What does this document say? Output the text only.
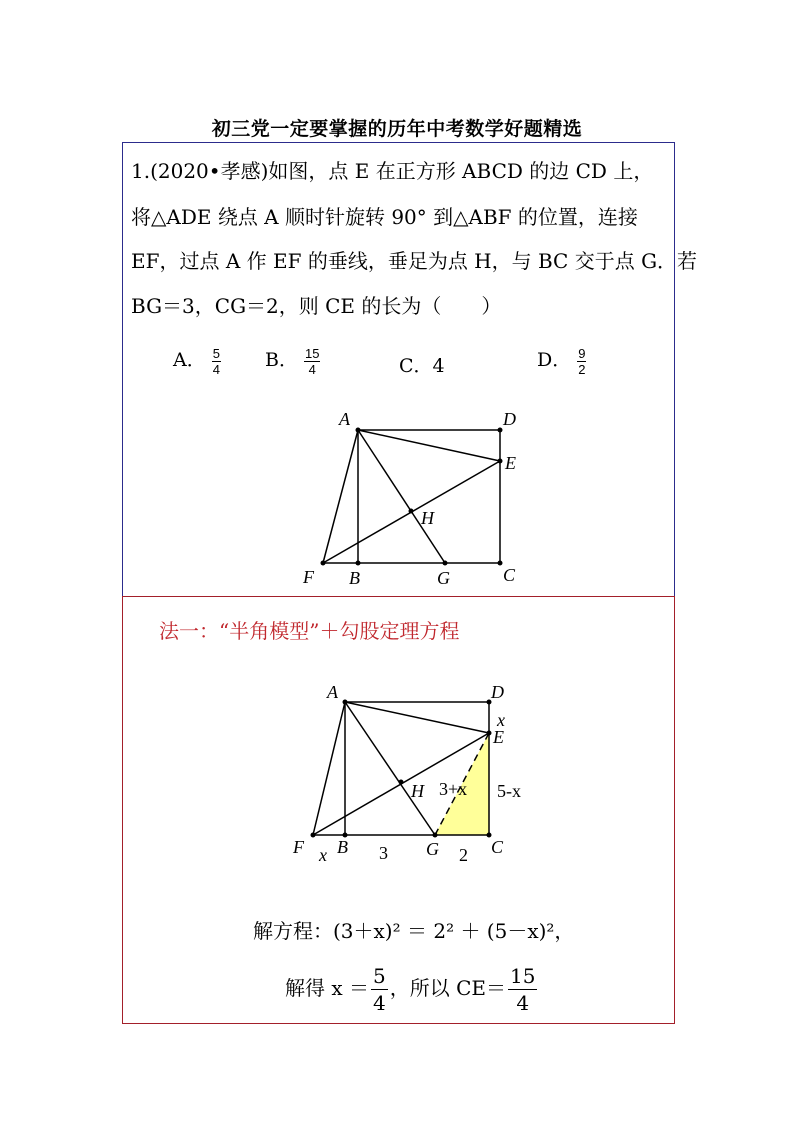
初三党一定要掌握的历年中考数学好题精选
1.(2020•孝感)如图，点 E 在正方形 ABCD 的边 CD 上，
将△ADE 绕点 A 顺时针旋转 90° 到△ABF 的位置，连接
EF，过点 A 作 EF 的垂线，垂足为点 H，与 BC 交于点 G．若
BG＝3，CG＝2，则 CE 的长为（　　）
A． $\frac{5}{4}$ B． $\frac{15}{4}$	C．4	D． $\frac{9}{2}$
A	D
E
H
F B	G	C
法一：“半角模型”＋勾股定理方程
A	D
x
E
H 3+x 5-x
F x B 3 G 2 C
解方程：(3＋x)² ＝ 2² ＋ (5－x)²，
解得 $x = \frac{5}{4}$ ，所以 $CE= \frac{15}{4}$
